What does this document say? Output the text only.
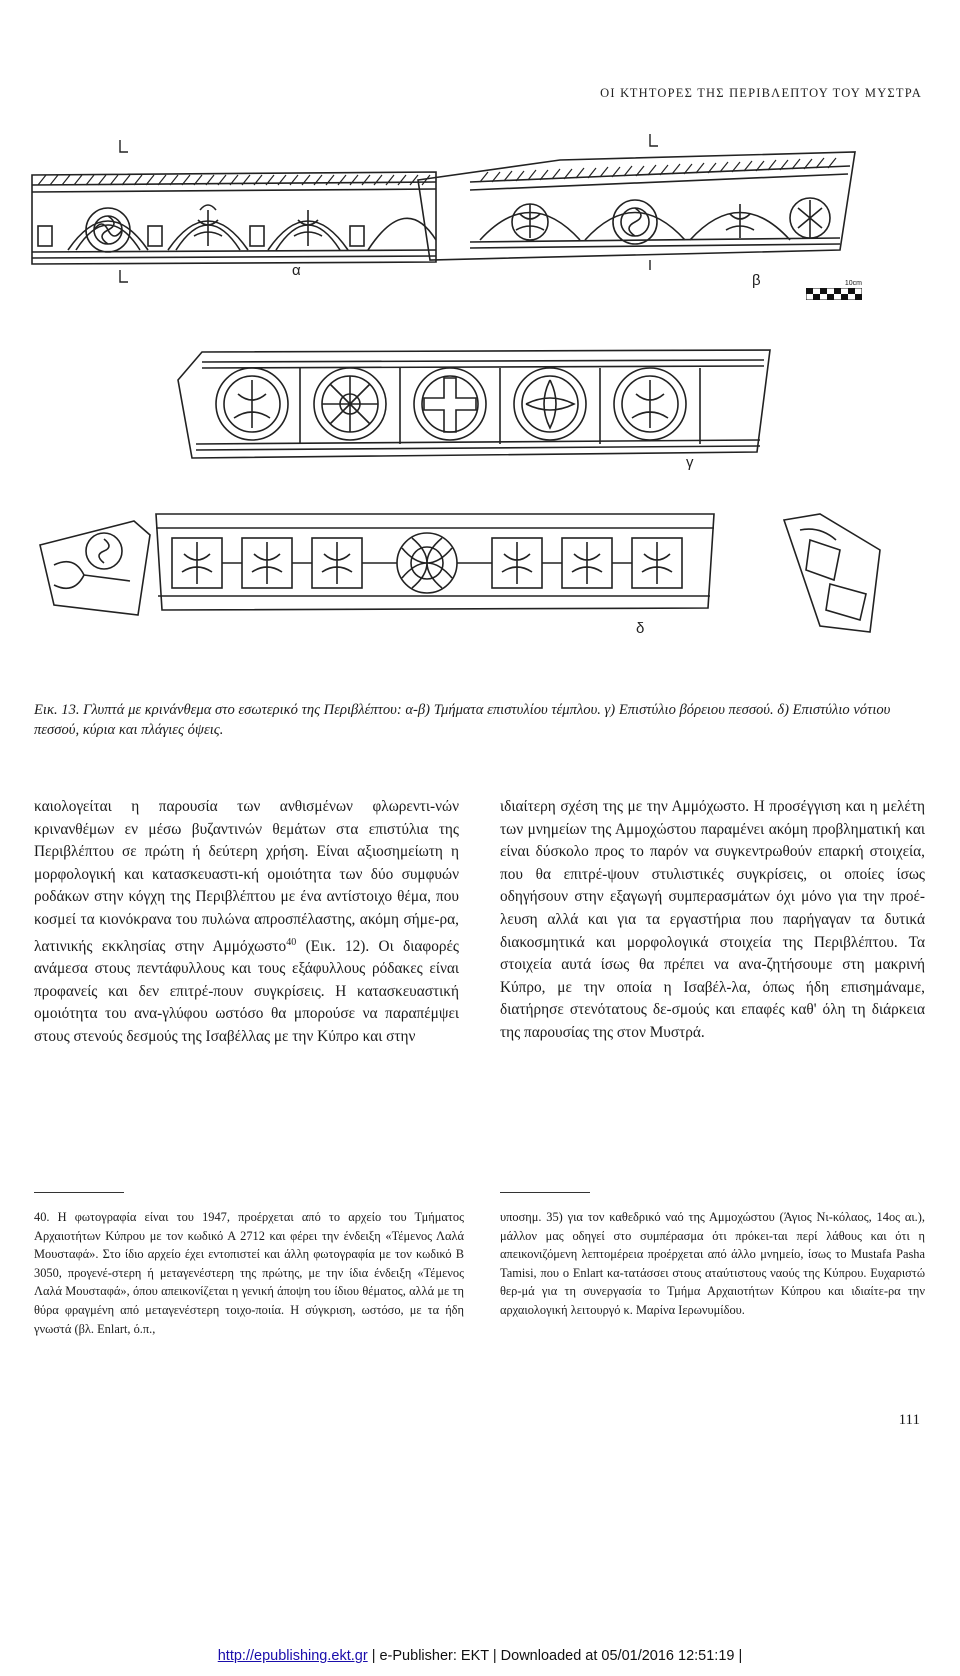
ΟΙ ΚΤΗΤΟΡΕΣ ΤΗΣ ΠΕΡΙΒΛΕΠΤΟΥ ΤΟΥ ΜΥΣΤΡΑ
α
β	10cm
γ
δ
Εικ. 13. Γλυπτά με κρινάνθεμα στο εσωτερικό της Περιβλέπτου: α-β) Τμήματα επιστυλίου τέμπλου. γ) Επιστύλιο βόρειου πεσσού. δ) Επιστύλιο νότιου πεσσού, κύρια και πλάγιες όψεις.

καιολογείται η παρουσία των ανθισμένων φλωρεντι-νών κρινανθέμων εν μέσω βυζαντινών θεμάτων στα επιστύλια της Περιβλέπτου σε πρώτη ή δεύτερη χρήση. Είναι αξιοσημείωτη η μορφολογική και κατασκευαστι-κή ομοιότητα των δύο συμφυών ροδάκων στην κόγχη της Περιβλέπτου με ένα αντίστοιχο θέμα, που κοσμεί τα κιονόκρανα του πυλώνα απροσπέλαστης, ακόμη σήμε-ρα, λατινικής εκκλησίας στην Αμμόχωστο$^{40}$ (Εικ. 12). Οι διαφορές ανάμεσα στους πεντάφυλλους και τους εξάφυλλους ρόδακες είναι προφανείς και δεν επιτρέ-πουν συγκρίσεις. Η κατασκευαστική ομοιότητα του ανα-γλύφου ωστόσο θα μπορούσε να παραπέμψει στους στενούς δεσμούς της Ισαβέλλας με την Κύπρο και στην

ιδιαίτερη σχέση της με την Αμμόχωστο. Η προσέγγιση και η μελέτη των μνημείων της Αμμοχώστου παραμένει ακόμη προβληματική και είναι δύσκολο προς το παρόν να συγκεντρωθούν επαρκή στοιχεία, που θα επιτρέ-ψουν στυλιστικές συγκρίσεις, οι οποίες ίσως οδηγήσουν στην εξαγωγή συμπερασμάτων όχι μόνο για την προέ-λευση αλλά και για τα εργαστήρια που παρήγαγαν τα δυτικά διακοσμητικά και μορφολογικά στοιχεία της Περιβλέπτου. Τα στοιχεία αυτά ίσως θα πρέπει να ανα-ζητήσουμε στη μακρινή Κύπρο, με την οποία η Ισαβέλ-λα, όπως ήδη επισημάναμε, διατήρησε στενότατους δε-σμούς και επαφές καθ' όλη τη διάρκεια της παρουσίας της στον Μυστρά.

40. Η φωτογραφία είναι του 1947, προέρχεται από το αρχείο του Τμήματος Αρχαιοτήτων Κύπρου με τον κωδικό Α 2712 και φέρει την ένδειξη «Τέμενος Λαλά Μουσταφά». Στο ίδιο αρχείο έχει εντοπιστεί και άλλη φωτογραφία με τον κωδικό Β 3050, προγενέ-στερη ή μεταγενέστερη της πρώτης, με την ίδια ένδειξη «Τέμενος Λαλά Μουσταφά», όπου απεικονίζεται η γενική άποψη του ίδιου θέματος, αλλά με τη θύρα φραγμένη από μεταγενέστερη τοιχο-ποιία. Η σύγκριση, ωστόσο, με τα ήδη γνωστά (βλ. Enlart, ό.π.,
υποσημ. 35) για τον καθεδρικό ναό της Αμμοχώστου (Άγιος Νι-κόλαος, 14ος αι.), μάλλον μας οδηγεί στο συμπέρασμα ότι πρόκει-ται περί λάθους και ότι η απεικονιζόμενη λεπτομέρεια προέρχεται από άλλο μνημείο, ίσως το Mustafa Pasha Tamisi, που ο Enlart κα-τατάσσει στους αταύτιστους ναούς της Κύπρου. Ευχαριστώ θερ-μά για τη συνεργασία το Τμήμα Αρχαιοτήτων Κύπρου και ιδιαίτε-ρα την αρχαιολογική λειτουργό κ. Μαρίνα Ιερωνυμίδου.
111
http://epublishing.ekt.gr | e-Publisher: EKT | Downloaded at 05/01/2016 12:51:19 |
